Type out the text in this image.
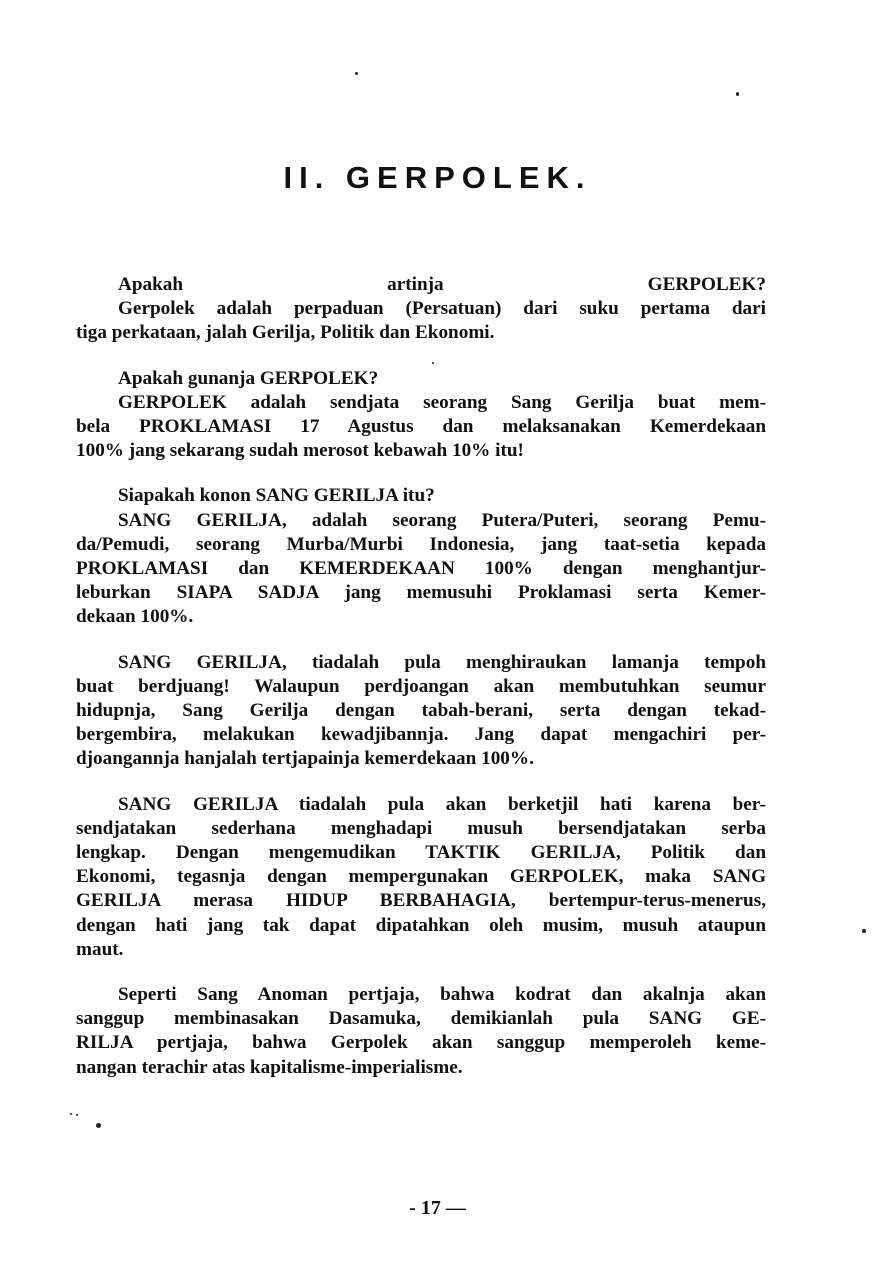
II. GERPOLEK.

Apakah artinja GERPOLEK?

Gerpolek adalah perpaduan (Persatuan) dari suku pertama dari

tiga perkataan, jalah Gerilja, Politik dan Ekonomi.

Apakah gunanja GERPOLEK?

GERPOLEK adalah sendjata seorang Sang Gerilja buat mem-

bela PROKLAMASI 17 Agustus dan melaksanakan Kemerdekaan

100% jang sekarang sudah merosot kebawah 10% itu!

Siapakah konon SANG GERILJA itu?

SANG GERILJA, adalah seorang Putera/Puteri, seorang Pemu-

da/Pemudi, seorang Murba/Murbi Indonesia, jang taat-setia kepada

PROKLAMASI dan KEMERDEKAAN 100% dengan menghantjur-

leburkan SIAPA SADJA jang memusuhi Proklamasi serta Kemer-

dekaan 100%.

SANG GERILJA, tiadalah pula menghiraukan lamanja tempoh

buat berdjuang! Walaupun perdjoangan akan membutuhkan seumur

hidupnja, Sang Gerilja dengan tabah-berani, serta dengan tekad-

bergembira, melakukan kewadjibannja. Jang dapat mengachiri per-

djoangannja hanjalah tertjapainja kemerdekaan 100%.

SANG GERILJA tiadalah pula akan berketjil hati karena ber-

sendjatakan sederhana menghadapi musuh bersendjatakan serba

lengkap. Dengan mengemudikan TAKTIK GERILJA, Politik dan

Ekonomi, tegasnja dengan mempergunakan GERPOLEK, maka SANG

GERILJA merasa HIDUP BERBAHAGIA, bertempur-terus-menerus,

dengan hati jang tak dapat dipatahkan oleh musim, musuh ataupun

maut.

Seperti Sang Anoman pertjaja, bahwa kodrat dan akalnja akan

sanggup membinasakan Dasamuka, demikianlah pula SANG GE-

RILJA pertjaja, bahwa Gerpolek akan sanggup memperoleh keme-

nangan terachir atas kapitalisme-imperialisme.

- 17 —
